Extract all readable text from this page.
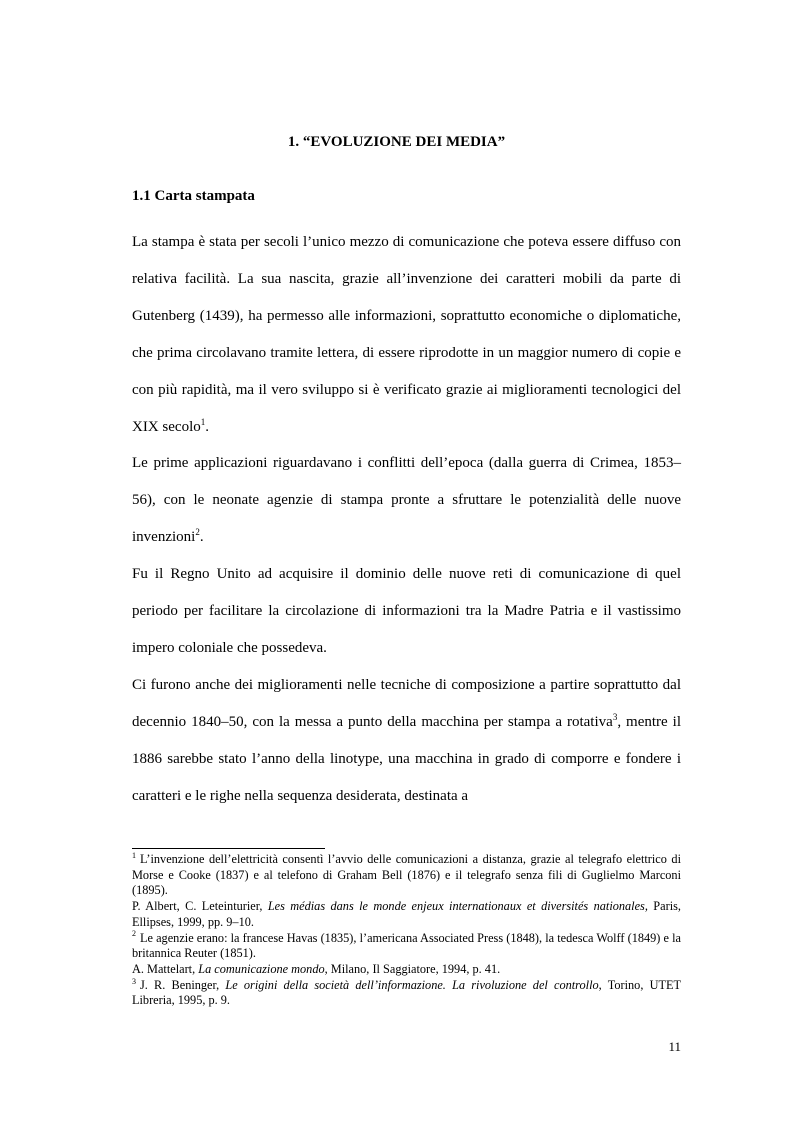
1. “EVOLUZIONE DEI MEDIA”
1.1 Carta stampata

La stampa è stata per secoli l’unico mezzo di comunicazione che poteva essere diffuso con relativa facilità. La sua nascita, grazie all’invenzione dei caratteri mobili da parte di Gutenberg (1439), ha permesso alle informazioni, soprattutto economiche o diplomatiche, che prima circolavano tramite lettera, di essere riprodotte in un maggior numero di copie e con più rapidità, ma il vero sviluppo si è verificato grazie ai miglioramenti tecnologici del XIX secolo$^1$.

Le prime applicazioni riguardavano i conflitti dell’epoca (dalla guerra di Crimea, 1853–56), con le neonate agenzie di stampa pronte a sfruttare le potenzialità delle nuove invenzioni$^2$.

Fu il Regno Unito ad acquisire il dominio delle nuove reti di comunicazione di quel periodo per facilitare la circolazione di informazioni tra la Madre Patria e il vastissimo impero coloniale che possedeva.

Ci furono anche dei miglioramenti nelle tecniche di composizione a partire soprattutto dal decennio 1840–50, con la messa a punto della macchina per stampa a rotativa$^3$, mentre il 1886 sarebbe stato l’anno della linotype, una macchina in grado di comporre e fondere i caratteri e le righe nella sequenza desiderata, destinata a

$^1$ L’invenzione dell’elettricità consentì l’avvio delle comunicazioni a distanza, grazie al telegrafo elettrico di Morse e Cooke (1837) e al telefono di Graham Bell (1876) e il telegrafo senza fili di Guglielmo Marconi (1895).

P. Albert, C. Leteinturier, Les médias dans le monde enjeux internationaux et diversités nationales, Paris, Ellipses, 1999, pp. 9–10.

$^2$ Le agenzie erano: la francese Havas (1835), l’americana Associated Press (1848), la tedesca Wolff (1849) e la britannica Reuter (1851).

A. Mattelart, La comunicazione mondo, Milano, Il Saggiatore, 1994, p. 41.

$^3$ J. R. Beninger, Le origini della società dell’informazione. La rivoluzione del controllo, Torino, UTET Libreria, 1995, p. 9.

11
